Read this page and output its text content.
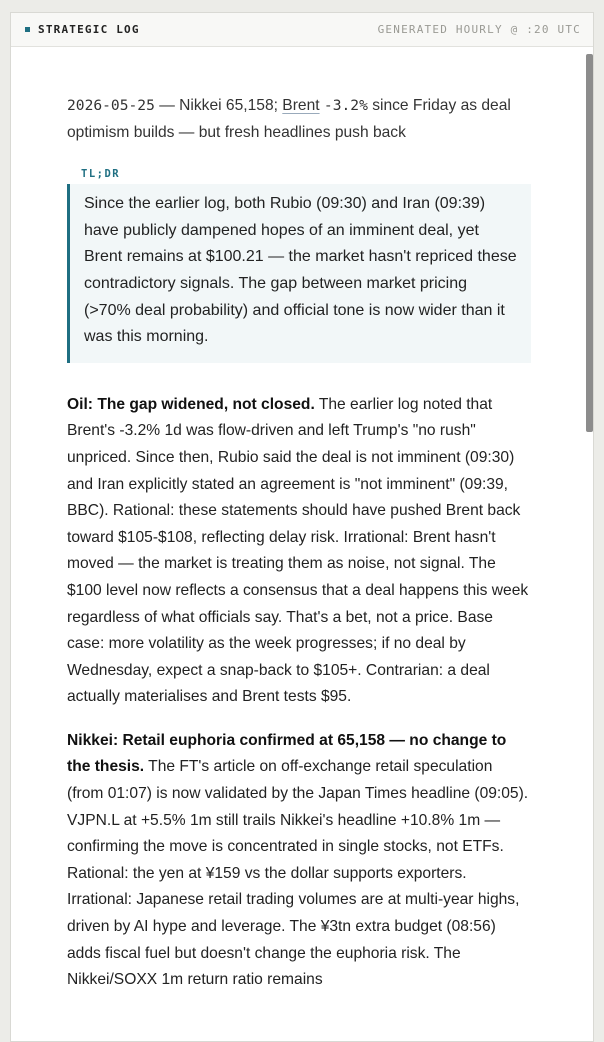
STRATEGIC LOG	GENERATED HOURLY @ :20 UTC

2026-05-25 — Nikkei 65,158; Brent -3.2% since Friday as deal optimism builds — but fresh headlines push back

TL;DR
Since the earlier log, both Rubio (09:30) and Iran (09:39) have publicly dampened hopes of an imminent deal, yet Brent remains at $100.21 — the market hasn't repriced these contradictory signals. The gap between market pricing (>70% deal probability) and official tone is now wider than it was this morning.

Oil: The gap widened, not closed. The earlier log noted that Brent's -3.2% 1d was flow-driven and left Trump's "no rush" unpriced. Since then, Rubio said the deal is not imminent (09:30) and Iran explicitly stated an agreement is "not imminent" (09:39, BBC). Rational: these statements should have pushed Brent back toward $105-$108, reflecting delay risk. Irrational: Brent hasn't moved — the market is treating them as noise, not signal. The $100 level now reflects a consensus that a deal happens this week regardless of what officials say. That's a bet, not a price. Base case: more volatility as the week progresses; if no deal by Wednesday, expect a snap-back to $105+. Contrarian: a deal actually materialises and Brent tests $95.

Nikkei: Retail euphoria confirmed at 65,158 — no change to the thesis. The FT's article on off-exchange retail speculation (from 01:07) is now validated by the Japan Times headline (09:05). VJPN.L at +5.5% 1m still trails Nikkei's headline +10.8% 1m — confirming the move is concentrated in single stocks, not ETFs. Rational: the yen at ¥159 vs the dollar supports exporters. Irrational: Japanese retail trading volumes are at multi-year highs, driven by AI hype and leverage. The ¥3tn extra budget (08:56) adds fiscal fuel but doesn't change the euphoria risk. The Nikkei/SOXX 1m return ratio remains
